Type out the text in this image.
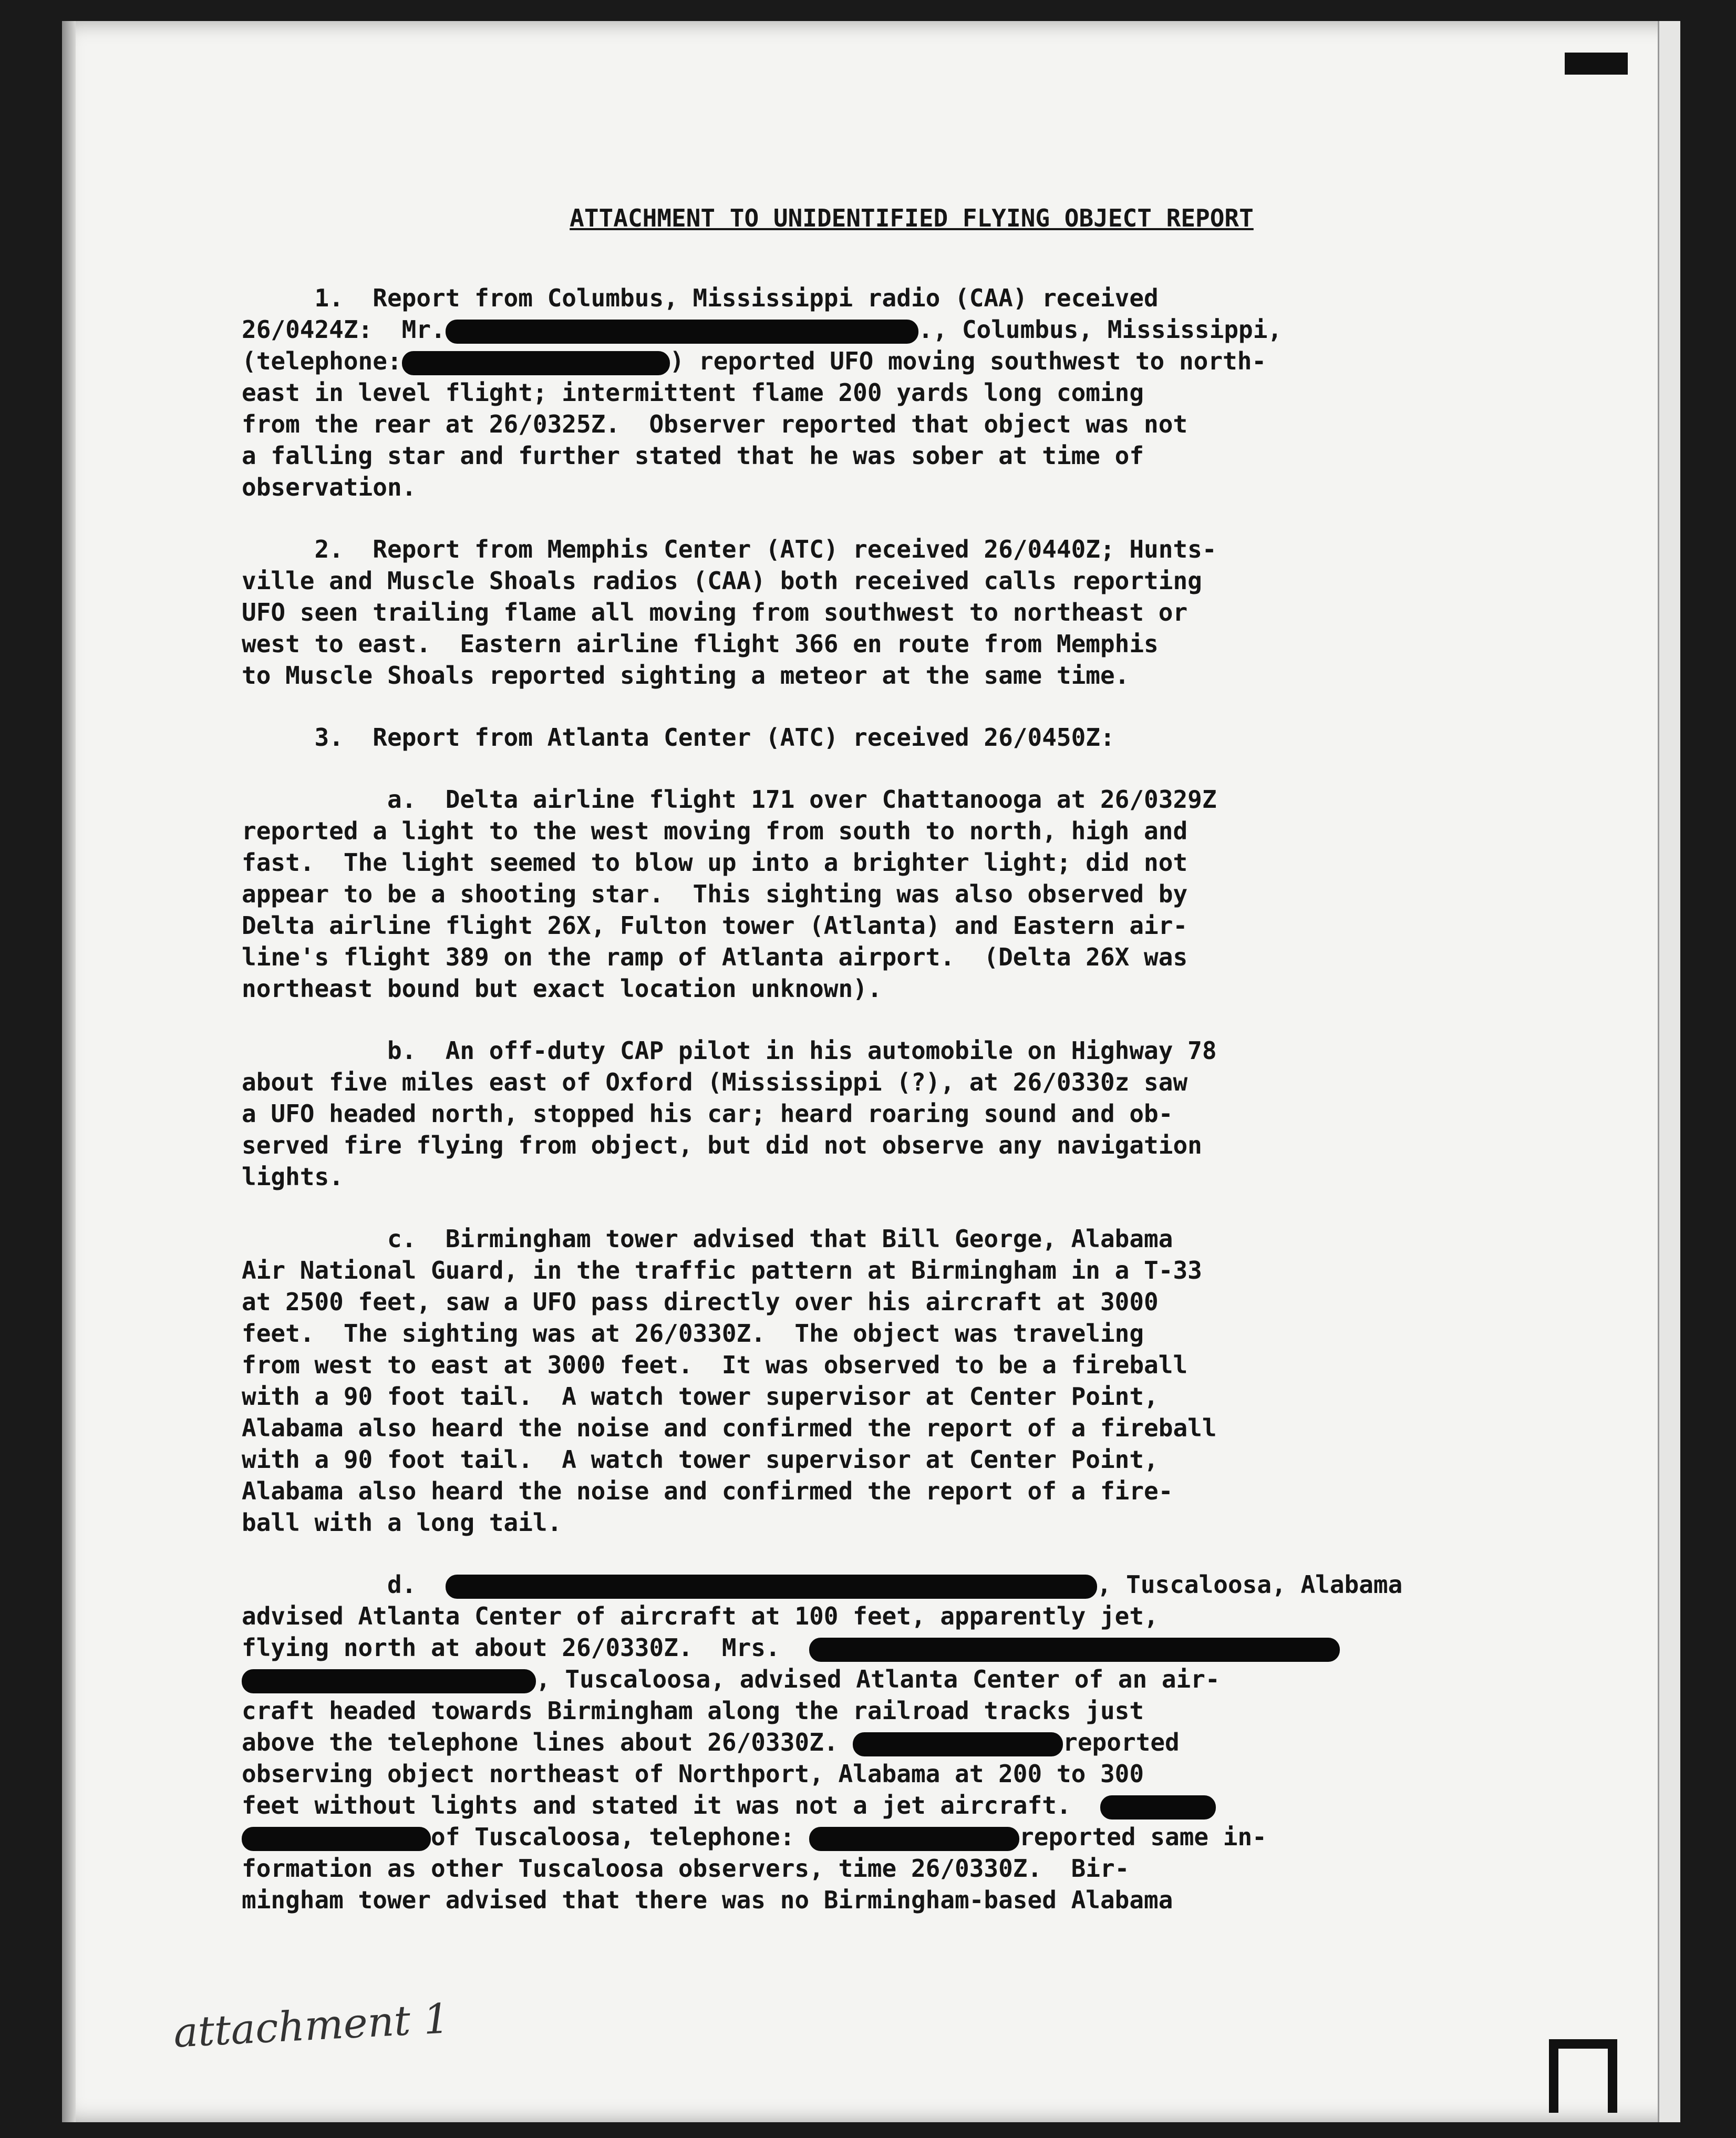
ATTACHMENT TO UNIDENTIFIED FLYING OBJECT REPORT
1.  Report from Columbus, Mississippi radio (CAA) received
26/0424Z:  Mr.	., Columbus, Mississippi,
(telephone:	) reported UFO moving southwest to north-
east in level flight; intermittent flame 200 yards long coming
from the rear at 26/0325Z.  Observer reported that object was not
a falling star and further stated that he was sober at time of
observation.
2.  Report from Memphis Center (ATC) received 26/0440Z; Hunts-
ville and Muscle Shoals radios (CAA) both received calls reporting
UFO seen trailing flame all moving from southwest to northeast or
west to east.  Eastern airline flight 366 en route from Memphis
to Muscle Shoals reported sighting a meteor at the same time.
3.  Report from Atlanta Center (ATC) received 26/0450Z:
a.  Delta airline flight 171 over Chattanooga at 26/0329Z
reported a light to the west moving from south to north, high and
fast.  The light seemed to blow up into a brighter light; did not
appear to be a shooting star.  This sighting was also observed by
Delta airline flight 26X, Fulton tower (Atlanta) and Eastern air-
line's flight 389 on the ramp of Atlanta airport.  (Delta 26X was
northeast bound but exact location unknown).
b.  An off-duty CAP pilot in his automobile on Highway 78
about five miles east of Oxford (Mississippi (?), at 26/0330z saw
a UFO headed north, stopped his car; heard roaring sound and ob-
served fire flying from object, but did not observe any navigation
lights.
c.  Birmingham tower advised that Bill George, Alabama
Air National Guard, in the traffic pattern at Birmingham in a T-33
at 2500 feet, saw a UFO pass directly over his aircraft at 3000
feet.  The sighting was at 26/0330Z.  The object was traveling
from west to east at 3000 feet.  It was observed to be a fireball
with a 90 foot tail.  A watch tower supervisor at Center Point,
Alabama also heard the noise and confirmed the report of a fireball
with a 90 foot tail.  A watch tower supervisor at Center Point,
Alabama also heard the noise and confirmed the report of a fire-
ball with a long tail.
d.	, Tuscaloosa, Alabama
advised Atlanta Center of aircraft at 100 feet, apparently jet,
flying north at about 26/0330Z.  Mrs.
, Tuscaloosa, advised Atlanta Center of an air-
craft headed towards Birmingham along the railroad tracks just
above the telephone lines about 26/0330Z.	reported
observing object northeast of Northport, Alabama at 200 to 300
feet without lights and stated it was not a jet aircraft.
of Tuscaloosa, telephone:	reported same in-
formation as other Tuscaloosa observers, time 26/0330Z.  Bir-
mingham tower advised that there was no Birmingham-based Alabama
attachment 1
